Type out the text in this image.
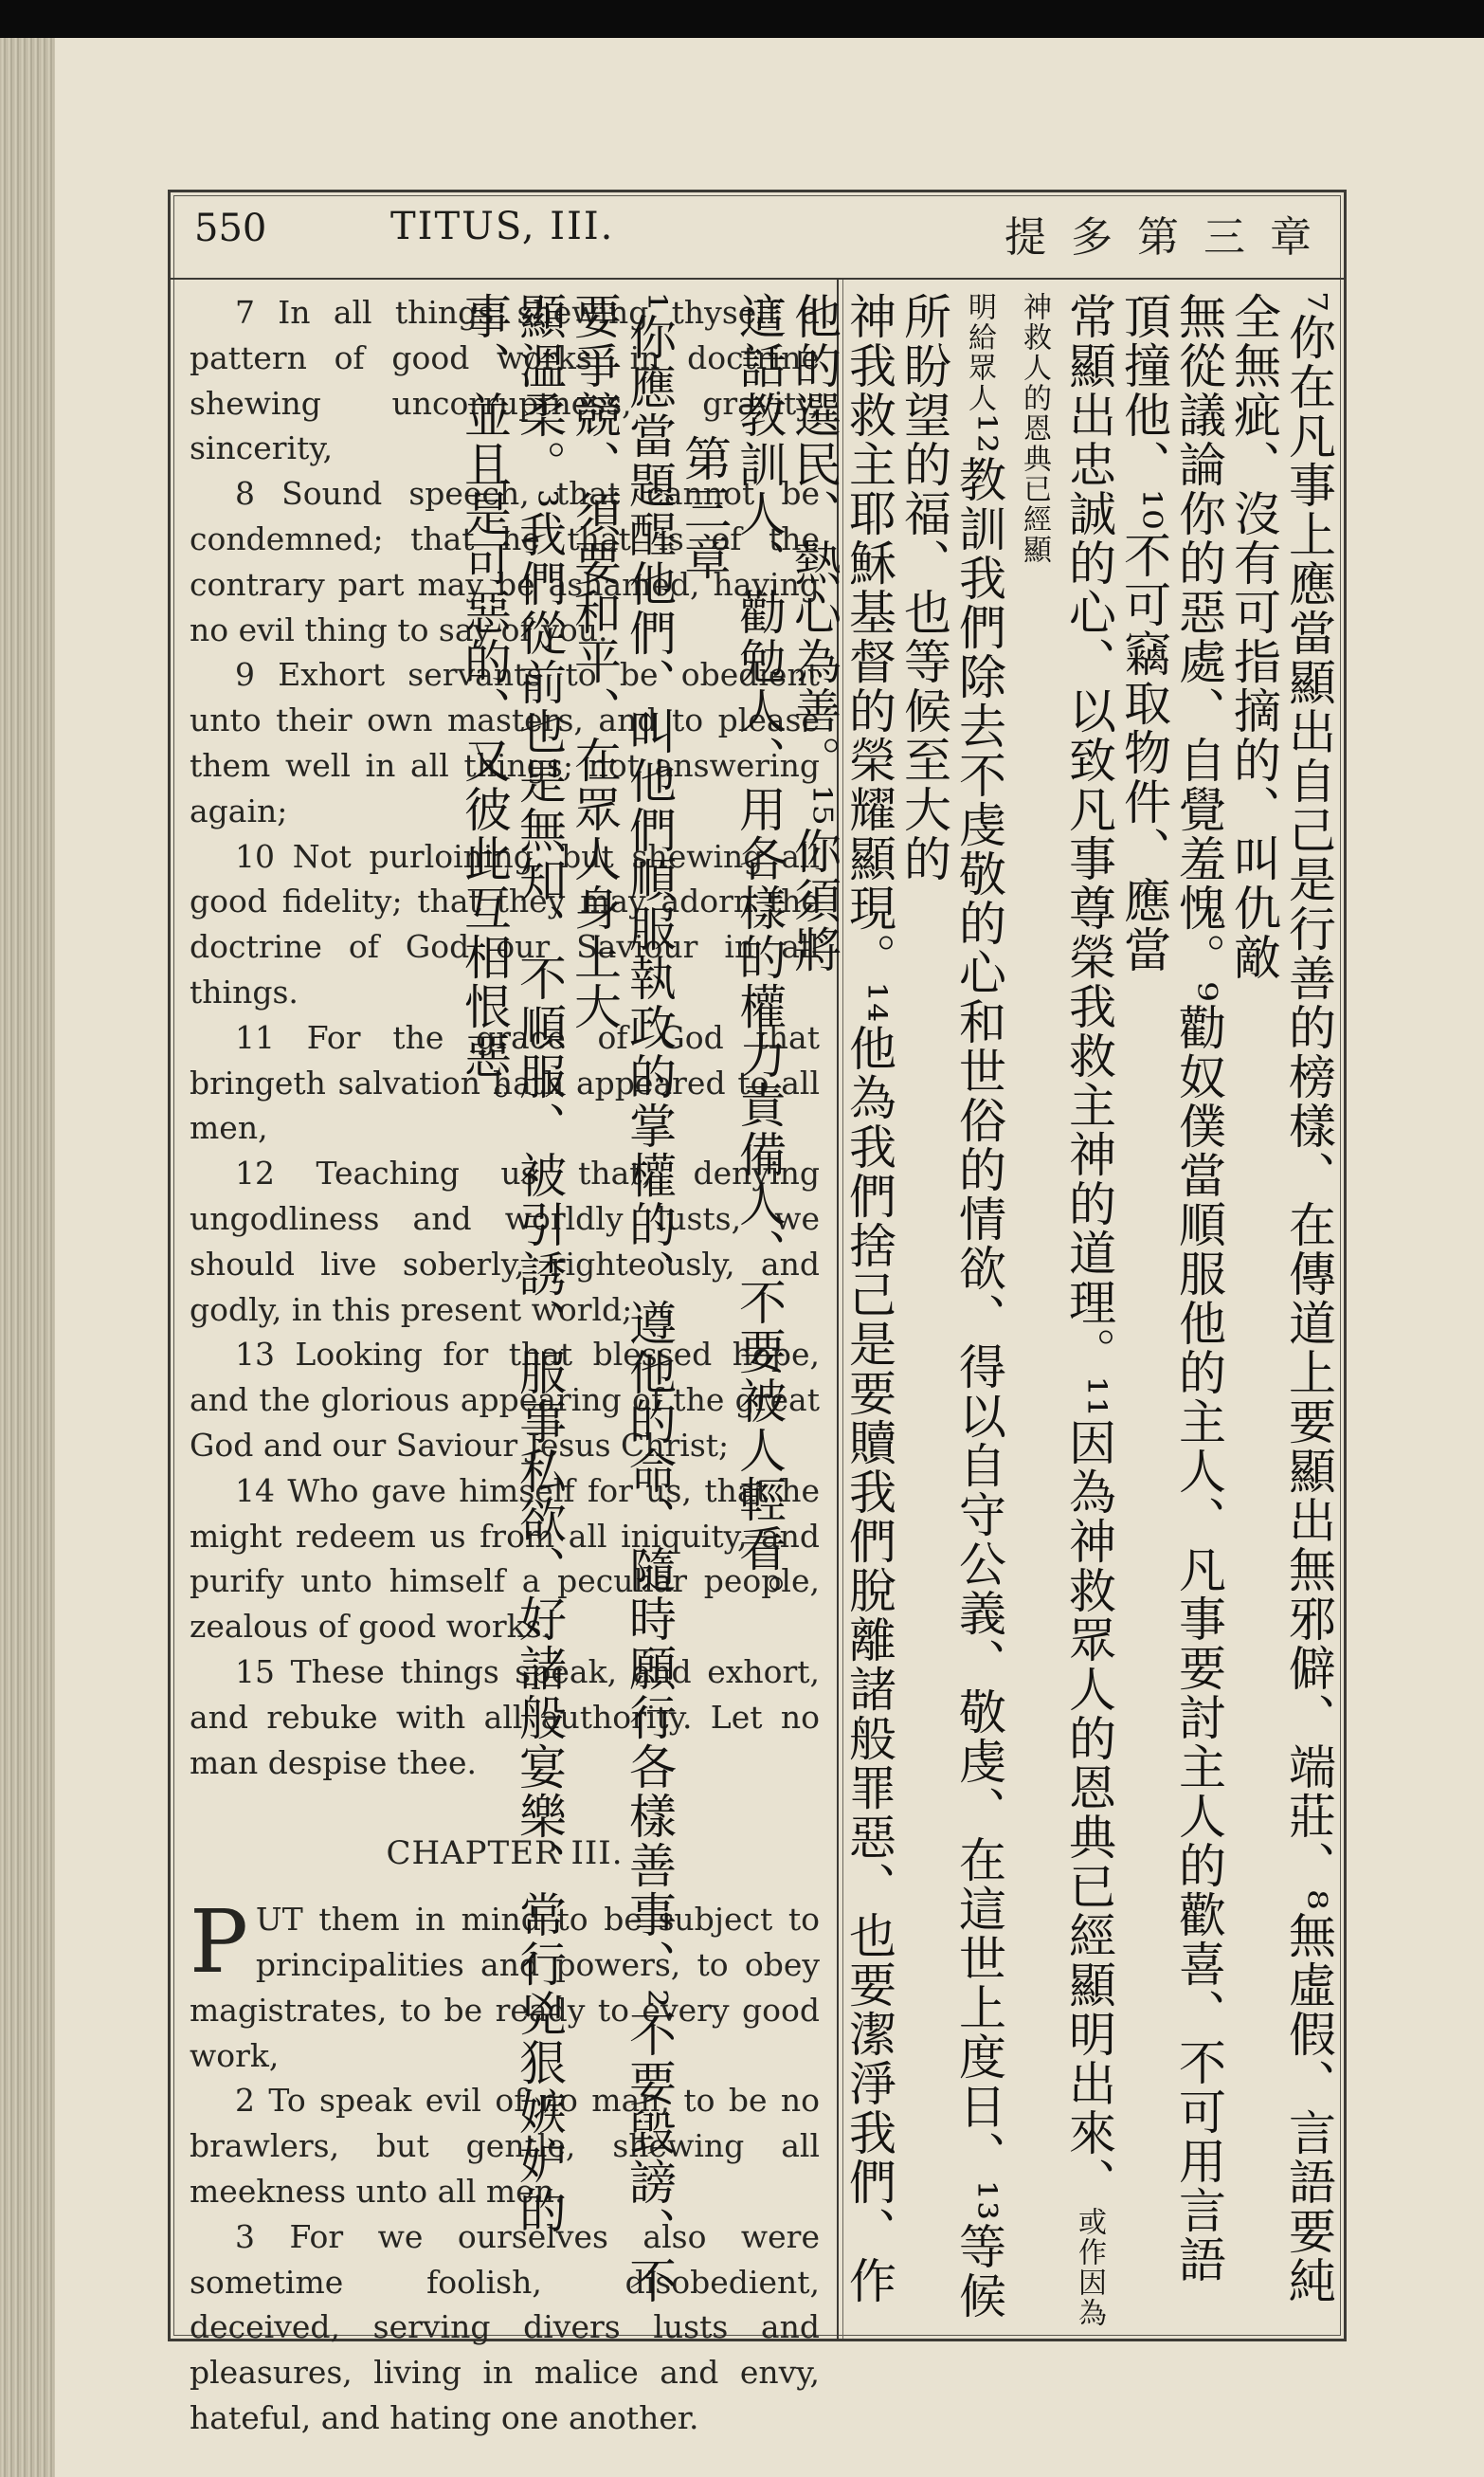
550	TITUS, III.	提多第三章

7 In all things shewing thyself a pattern of good works: in doctrine shewing uncorruptness, gravity, sincerity,

8 Sound speech, that cannot be condemned; that he that is of the contrary part may be ashamed, having no evil thing to say of you.

9 Exhort servants to be obedient unto their own masters, and to please them well in all things; not answering again;

10 Not purloining, but shewing all good fidelity; that they may adorn the doctrine of God our Saviour in all things.

11 For the grace of God that bringeth salvation hath appeared to all men,

12 Teaching us that, denying ungodliness and worldly lusts, we should live soberly, righteously, and godly, in this present world;

13 Looking for that blessed hope, and the glorious appearing of the great God and our Saviour Jesus Christ;

14 Who gave himself for us, that he might redeem us from all iniquity, and purify unto himself a peculiar people, zealous of good works.

15 These things speak, and exhort, and rebuke with all authority. Let no man despise thee.

CHAPTER III.

PUT them in mind to be subject to principalities and powers, to obey magistrates, to be ready to every good work,

2 To speak evil of no man, to be no brawlers, but gentle, shewing all meekness unto all men.

3 For we ourselves also were sometime foolish, disobedient, deceived, serving divers lusts and pleasures, living in malice and envy, hateful, and hating one another.

⁷你在凡事上應當顯出自己是行善的榜樣、在傳道上要顯出無邪僻、端莊、⁸無虛假、言語要純全無疵、沒有可指摘的、叫仇敵

無從議論你的惡處、自覺羞愧。⁹勸奴僕當順服他的主人、凡事要討主人的歡喜、不可用言語頂撞他、¹⁰不可竊取物件、應當

常顯出忠誠的心、以致凡事尊榮我救主神的道理。¹¹因為神救眾人的恩典已經顯明出來、或作因為神救人的恩典已經顯

明給眾人¹²教訓我們除去不虔敬的心和世俗的情欲、得以自守公義、敬虔、在這世上度日、¹³等候所盼望的福、也等候至大的

神我救主耶穌基督的榮耀顯現。¹⁴他為我們捨己是要贖我們脫離諸般罪惡、也要潔淨我們、作他的選民、熱心為善。¹⁵你須將

這話教訓人、勸勉人、用各樣的權力責備人、不要被人輕看。

第三章

¹你應當題醒他們、叫他們順服執政的掌權的、遵他的命、隨時願行各樣善事、²不要毀謗、不要爭競、須要和平、在眾人身上大

顯溫柔。³我們從前也是無知、不順服、被引誘、服事私欲、好諸般宴樂、常行兇狠嫉妒的事、並且是可惡的、又彼此互相恨惡。
